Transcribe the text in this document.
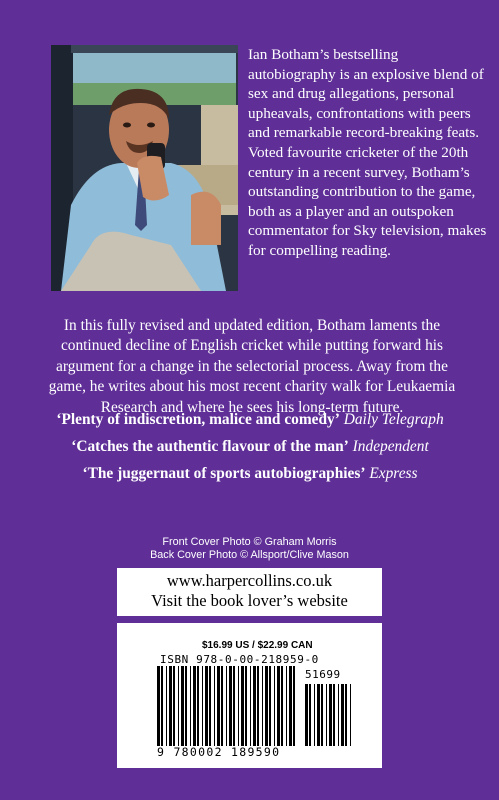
Ian Botham’s bestselling autobiography is an explosive blend of sex and drug allegations, personal upheavals, confrontations with peers and remarkable record-breaking feats. Voted favourite cricketer of the 20th century in a recent survey, Botham’s outstanding contribution to the game, both as a player and an outspoken commentator for Sky television, makes for compelling reading.

In this fully revised and updated edition, Botham laments the continued decline of English cricket while putting forward his argument for a change in the selectorial process. Away from the game, he writes about his most recent charity walk for Leukaemia Research and where he sees his long-term future.

‘Plenty of indiscretion, malice and comedy’ Daily Telegraph

‘Catches the authentic flavour of the man’ Independent

‘The juggernaut of sports autobiographies’ Express

Front Cover Photo © Graham Morris
Back Cover Photo © Allsport/Clive Mason
www.harpercollins.co.uk
Visit the book lover’s website
$16.99 US / $22.99 CAN
ISBN 978-0-00-218959-0
51699
9 780002 189590
